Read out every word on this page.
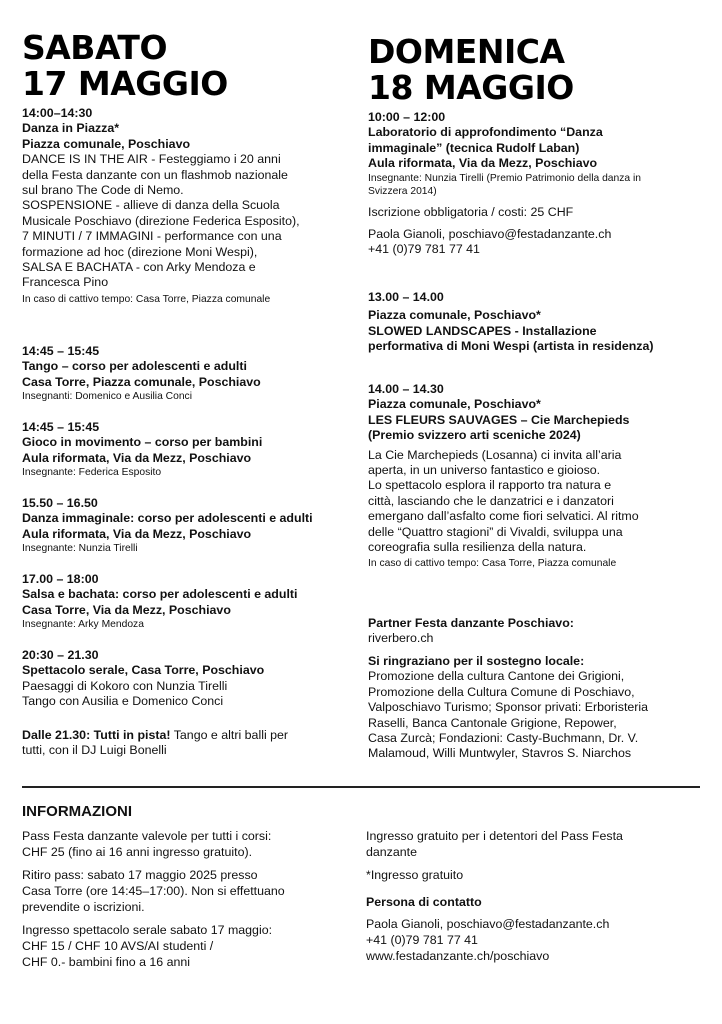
SABATO
17 MAGGIO
14:00–14:30
Danza in Piazza*
Piazza comunale, Poschiavo
DANCE IS IN THE AIR - Festeggiamo i 20 anni
della Festa danzante con un flashmob nazionale
sul brano The Code di Nemo.
SOSPENSIONE - allieve di danza della Scuola
Musicale Poschiavo (direzione Federica Esposito),
7 MINUTI / 7 IMMAGINI - performance con una
formazione ad hoc (direzione Moni Wespi),
SALSA E BACHATA - con Arky Mendoza e
Francesca Pino
In caso di cattivo tempo: Casa Torre, Piazza comunale
14:45 – 15:45
Tango – corso per adolescenti e adulti
Casa Torre, Piazza comunale, Poschiavo
Insegnanti: Domenico e Ausilia Conci
14:45 – 15:45
Gioco in movimento – corso per bambini
Aula riformata, Via da Mezz, Poschiavo
Insegnante: Federica Esposito
15.50 – 16.50
Danza immaginale: corso per adolescenti e adulti
Aula riformata, Via da Mezz, Poschiavo
Insegnante: Nunzia Tirelli
17.00 – 18:00
Salsa e bachata: corso per adolescenti e adulti
Casa Torre, Via da Mezz, Poschiavo
Insegnante: Arky Mendoza
20:30 – 21.30
Spettacolo serale, Casa Torre, Poschiavo
Paesaggi di Kokoro con Nunzia Tirelli
Tango con Ausilia e Domenico Conci
Dalle 21.30: Tutti in pista! Tango e altri balli per
tutti, con il DJ Luigi Bonelli
DOMENICA
18 MAGGIO
10:00 – 12:00
Laboratorio di approfondimento “Danza
immaginale” (tecnica Rudolf Laban)
Aula riformata, Via da Mezz, Poschiavo
Insegnante: Nunzia Tirelli (Premio Patrimonio della danza in
Svizzera 2014)
Iscrizione obbligatoria / costi: 25 CHF
Paola Gianoli, poschiavo@festadanzante.ch
+41 (0)79 781 77 41
13.00 – 14.00
Piazza comunale, Poschiavo*
SLOWED LANDSCAPES - Installazione
performativa di Moni Wespi (artista in residenza)
14.00 – 14.30
Piazza comunale, Poschiavo*
LES FLEURS SAUVAGES – Cie Marchepieds
(Premio svizzero arti sceniche 2024)
La Cie Marchepieds (Losanna) ci invita all’aria
aperta, in un universo fantastico e gioioso.
Lo spettacolo esplora il rapporto tra natura e
città, lasciando che le danzatrici e i danzatori
emergano dall’asfalto come fiori selvatici. Al ritmo
delle “Quattro stagioni” di Vivaldi, sviluppa una
coreografia sulla resilienza della natura.
In caso di cattivo tempo: Casa Torre, Piazza comunale
Partner Festa danzante Poschiavo:
riverbero.ch
Si ringraziano per il sostegno locale:
Promozione della cultura Cantone dei Grigioni,
Promozione della Cultura Comune di Poschiavo,
Valposchiavo Turismo; Sponsor privati: Erboristeria
Raselli, Banca Cantonale Grigione, Repower,
Casa Zurcà; Fondazioni: Casty-Buchmann, Dr. V.
Malamoud, Willi Muntwyler, Stavros S. Niarchos
INFORMAZIONI
Pass Festa danzante valevole per tutti i corsi:
CHF 25 (fino ai 16 anni ingresso gratuito).
Ritiro pass: sabato 17 maggio 2025 presso
Casa Torre (ore 14:45–17:00). Non si effettuano
prevendite o iscrizioni.
Ingresso spettacolo serale sabato 17 maggio:
CHF 15 / CHF 10 AVS/AI studenti /
CHF 0.- bambini fino a 16 anni
Ingresso gratuito per i detentori del Pass Festa
danzante
*Ingresso gratuito
Persona di contatto
Paola Gianoli, poschiavo@festadanzante.ch
+41 (0)79 781 77 41
www.festadanzante.ch/poschiavo
